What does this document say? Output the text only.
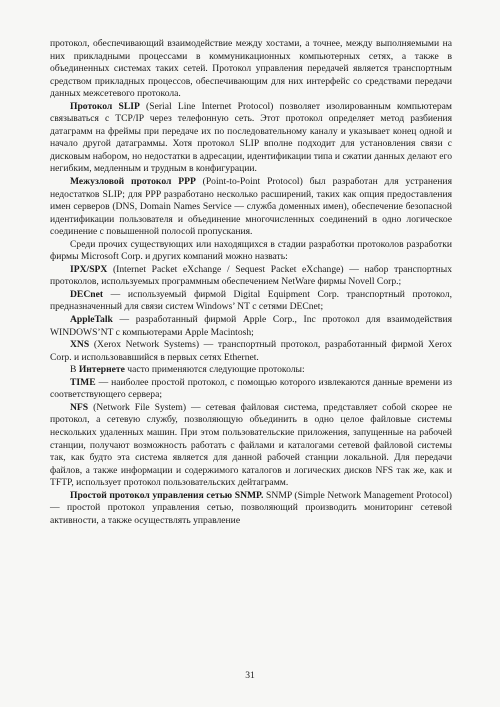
протокол, обеспечивающий взаимодействие между хостами, а точнее, между выполняемыми на них прикладными процессами в коммуникационных компьютерных сетях, а также в объединенных системах таких сетей. Протокол управления передачей является транспортным средством прикладных процессов, обеспечивающим для них интерфейс со средствами передачи данных межсетевого протокола.

Протокол SLIP (Serial Line Internet Protocol) позволяет изолированным компьютерам связываться с TCP/IP через телефонную сеть. Этот протокол определяет метод разбиения датаграмм на фреймы при передаче их по последовательному каналу и указывает конец одной и начало другой датаграммы. Хотя протокол SLIP вполне подходит для установления связи с дисковым набором, но недостатки в адресации, идентификации типа и сжатии данных делают его негибким, медленным и трудным в конфигурации.

Межузловой протокол PPP (Point-to-Point Protocol) был разработан для устранения недостатков SLIP; для PPP разработано несколько расширений, таких как опция предоставления имен серверов (DNS, Domain Names Service — служба доменных имен), обеспечение безопасной идентификации пользователя и объединение многочисленных соединений в одно логическое соединение с повышенной полосой пропускания.

Среди прочих существующих или находящихся в стадии разработки протоколов разработки фирмы Microsoft Corp. и других компаний можно назвать:

IPX/SPX (Internet Packet eXchange / Sequest Packet eXchange) — набор транспортных протоколов, используемых программным обеспечением NetWare фирмы Novell Corp.;

DECnet — используемый фирмой Digital Equipment Corp. транспортный протокол, предназначенный для связи систем Windows’ NT с сетями DECnet;

AppleTalk — разработанный фирмой Apple Corp., Inc протокол для взаимодействия WINDOWS’NT с компьютерами Apple Macintosh;

XNS (Xerox Network Systems) — транспортный протокол, разработанный фирмой Xerox Corp. и использовавшийся в первых сетях Ethernet.

В Интернете часто применяются следующие протоколы:

TIME — наиболее простой протокол, с помощью которого извлекаются данные времени из соответствующего сервера;

NFS (Network File System) — сетевая файловая система, представляет собой скорее не протокол, а сетевую службу, позволяющую объединить в одно целое файловые системы нескольких удаленных машин. При этом пользовательские приложения, запущенные на рабочей станции, получают возможность работать с файлами и каталогами сетевой файловой системы так, как будто эта система является для данной рабочей станции локальной. Для передачи файлов, а также информации и содержимого каталогов и логических дисков NFS так же, как и TFTP, использует протокол пользовательских дейтаграмм.

Простой протокол управления сетью SNMP. SNMP (Simple Network Management Protocol) — простой протокол управления сетью, позволяющий производить мониторинг сетевой активности, а также осуществлять управление

31
